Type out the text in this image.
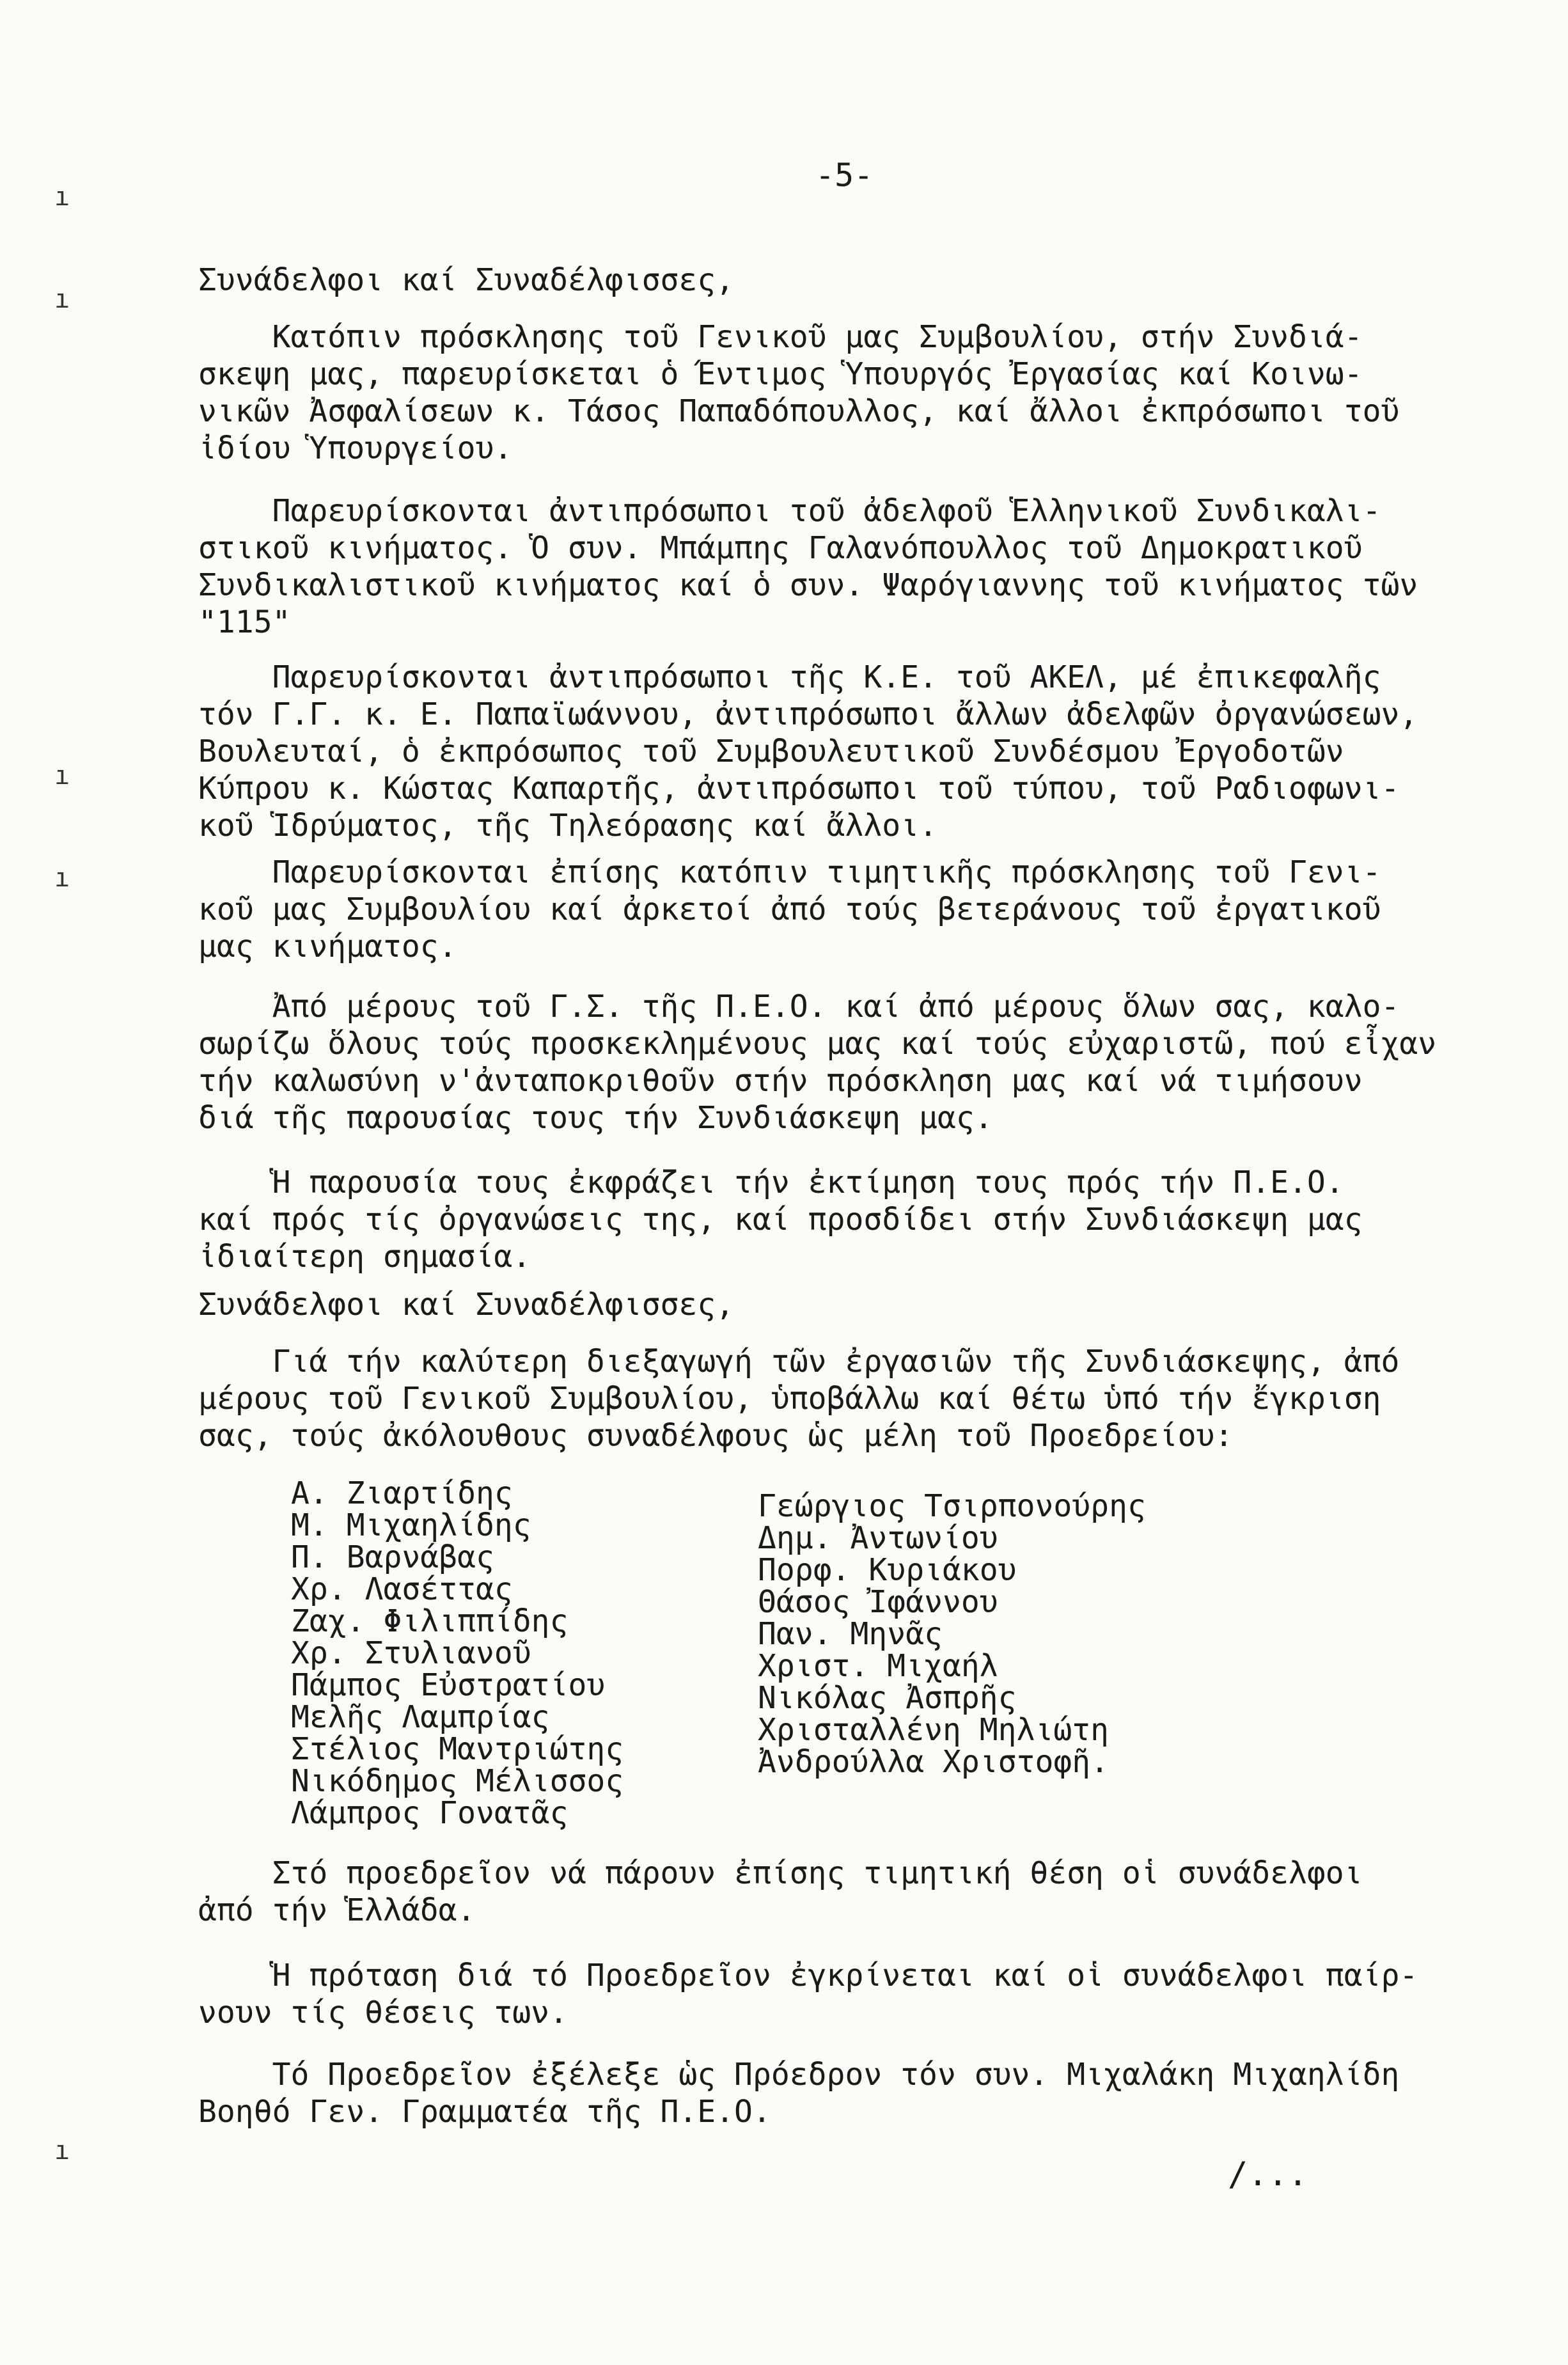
ı
ı
ı
ı
ı
-5-
Συνάδελφοι καί Συναδέλφισσες,
Κατόπιν πρόσκλησης τοῦ Γενικοῦ μας Συμβουλίου, στήν Συνδιά-
σκεψη μας, παρευρίσκεται ὁ Έντιμος Ὑπουργός Ἐργασίας καί Κοινω-
νικῶν Ἀσφαλίσεων κ. Τάσος Παπαδόπουλλος, καί ἄλλοι ἐκπρόσωποι τοῦ
ἰδίου Ὑπουργείου.
Παρευρίσκονται ἀντιπρόσωποι τοῦ ἀδελφοῦ Ἑλληνικοῦ Συνδικαλι-
στικοῦ κινήματος. Ὁ συν. Μπάμπης Γαλανόπουλλος τοῦ Δημοκρατικοῦ
Συνδικαλιστικοῦ κινήματος καί ὁ συν. Ψαρόγιαννης τοῦ κινήματος τῶν
"115"
Παρευρίσκονται ἀντιπρόσωποι τῆς Κ.Ε. τοῦ ΑΚΕΛ, μέ ἐπικεφαλῆς
τόν Γ.Γ. κ. Ε. Παπαϊωάννου, ἀντιπρόσωποι ἄλλων ἀδελφῶν ὀργανώσεων,
Βουλευταί, ὁ ἐκπρόσωπος τοῦ Συμβουλευτικοῦ Συνδέσμου Ἐργοδοτῶν
Κύπρου κ. Κώστας Καπαρτῆς, ἀντιπρόσωποι τοῦ τύπου, τοῦ Ραδιοφωνι-
κοῦ Ἱδρύματος, τῆς Τηλεόρασης καί ἄλλοι.
Παρευρίσκονται ἐπίσης κατόπιν τιμητικῆς πρόσκλησης τοῦ Γενι-
κοῦ μας Συμβουλίου καί ἀρκετοί ἀπό τούς βετεράνους τοῦ ἐργατικοῦ
μας κινήματος.
Ἀπό μέρους τοῦ Γ.Σ. τῆς Π.Ε.Ο. καί ἀπό μέρους ὅλων σας, καλο-
σωρίζω ὅλους τούς προσκεκλημένους μας καί τούς εὐχαριστῶ, πού εἶχαν
τήν καλωσύνη ν'ἀνταποκριθοῦν στήν πρόσκληση μας καί νά τιμήσουν
διά τῆς παρουσίας τους τήν Συνδιάσκεψη μας.
Ἡ παρουσία τους ἐκφράζει τήν ἐκτίμηση τους πρός τήν Π.Ε.Ο.
καί πρός τίς ὀργανώσεις της, καί προσδίδει στήν Συνδιάσκεψη μας
ἰδιαίτερη σημασία.
Συνάδελφοι καί Συναδέλφισσες,
Γιά τήν καλύτερη διεξαγωγή τῶν ἐργασιῶν τῆς Συνδιάσκεψης, ἀπό
μέρους τοῦ Γενικοῦ Συμβουλίου, ὑποβάλλω καί θέτω ὑπό τήν ἔγκριση
σας, τούς ἀκόλουθους συναδέλφους ὡς μέλη τοῦ Προεδρείου:
Α. Ζιαρτίδης
Μ. Μιχαηλίδης
Π. Βαρνάβας
Χρ. Λασέττας
Ζαχ. Φιλιππίδης
Χρ. Στυλιανοῦ
Πάμπος Εὐστρατίου
Μελῆς Λαμπρίας
Στέλιος Μαντριώτης
Νικόδημος Μέλισσος
Λάμπρος Γονατᾶς
Γεώργιος Τσιρπονούρης
Δημ. Ἀντωνίου
Πορφ. Κυριάκου
Θάσος Ἰφάννου
Παν. Μηνᾶς
Χριστ. Μιχαήλ
Νικόλας Ἀσπρῆς
Χρισταλλένη Μηλιώτη
Ἀνδρούλλα Χριστοφῆ.
Στό προεδρεῖον νά πάρουν ἐπίσης τιμητική θέση οἱ συνάδελφοι
ἀπό τήν Ἑλλάδα.
Ἡ πρόταση διά τό Προεδρεῖον ἐγκρίνεται καί οἱ συνάδελφοι παίρ-
νουν τίς θέσεις των.
Τό Προεδρεῖον ἐξέλεξε ὡς Πρόεδρον τόν συν. Μιχαλάκη Μιχαηλίδη
Βοηθό Γεν. Γραμματέα τῆς Π.Ε.Ο.
/...
